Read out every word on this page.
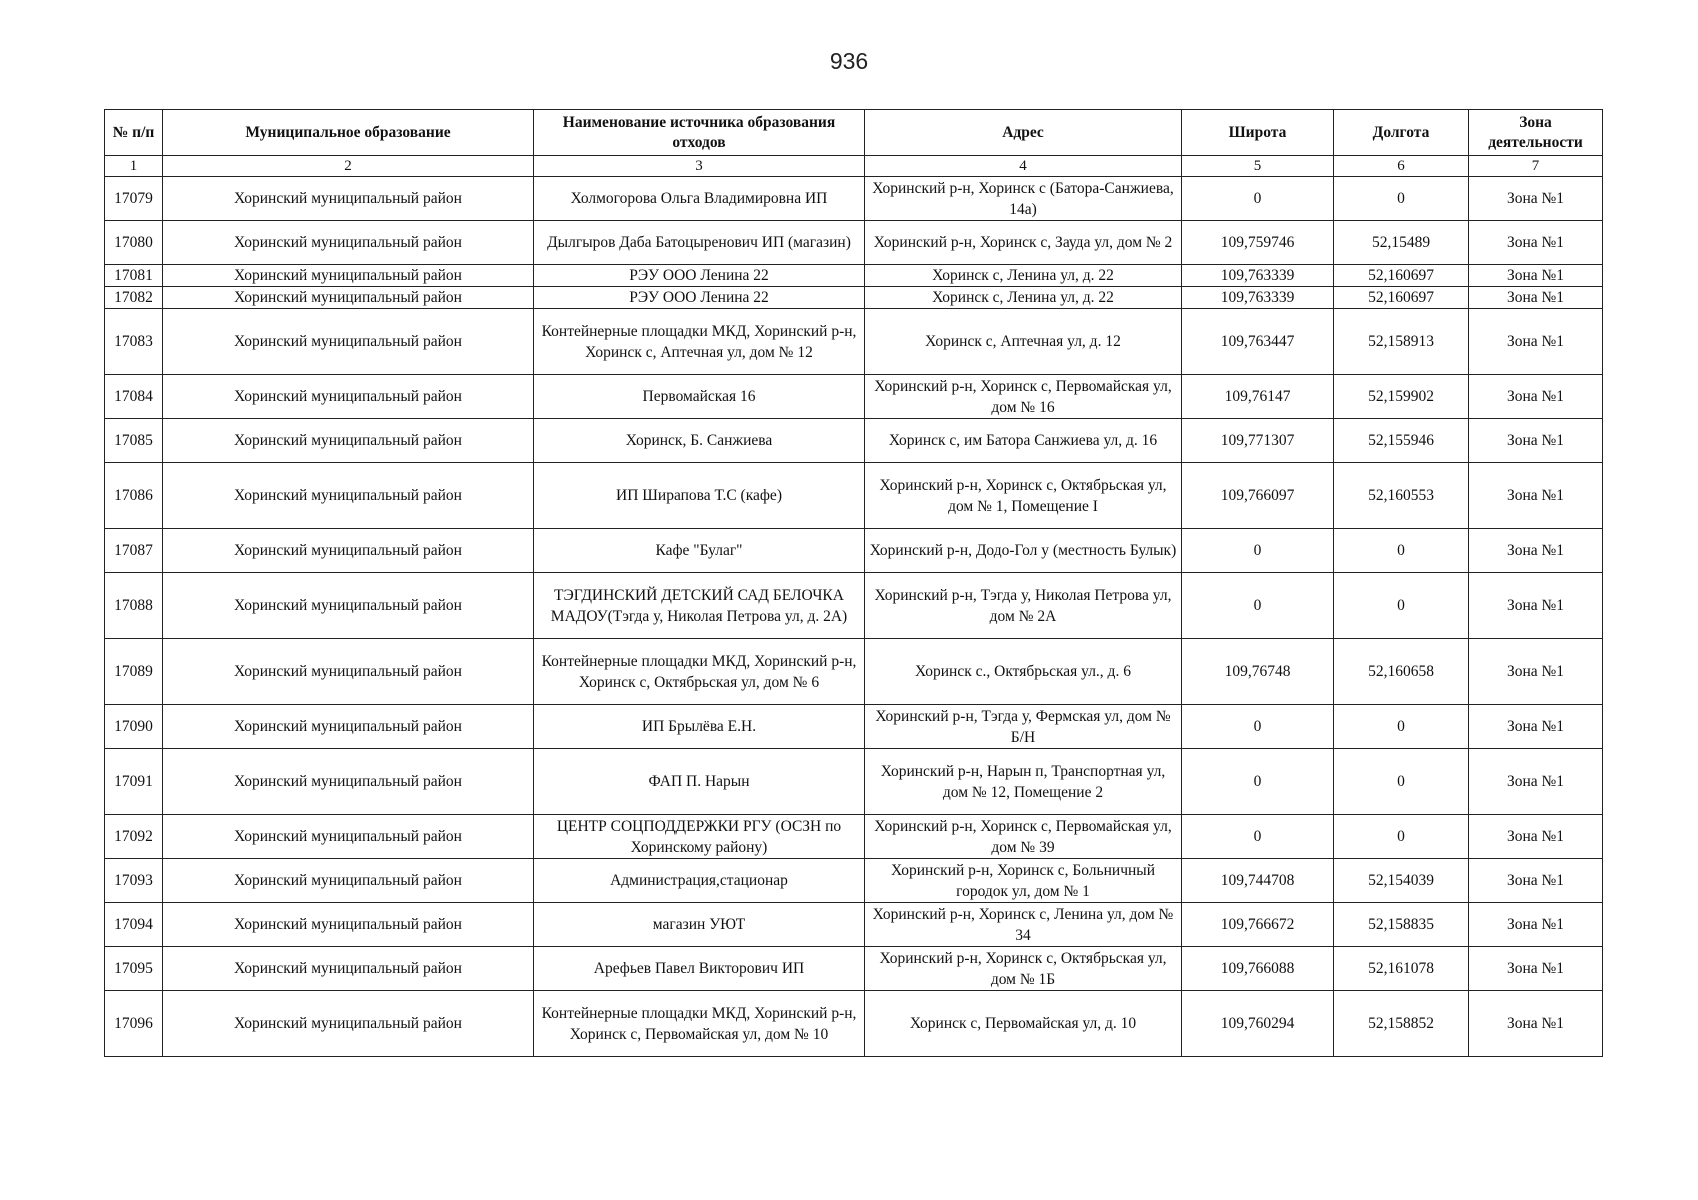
936
№ п/п	Муниципальное образование	Наименование источника образования отходов	Адрес	Широта	Долгота	Зона деятельности
1	2	3	4	5	6	7
17079	Хоринский муниципальный район	Холмогорова Ольга Владимировна ИП	Хоринский р-н, Хоринск с (Батора-Санжиева, 14а)	0	0	Зона №1
17080	Хоринский муниципальный район	Дылгыров Даба Батоцыренович ИП (магазин)	Хоринский р-н, Хоринск с, Зауда ул, дом № 2	109,759746	52,15489	Зона №1
17081	Хоринский муниципальный район	РЭУ ООО Ленина 22	Хоринск с, Ленина ул, д. 22	109,763339	52,160697	Зона №1
17082	Хоринский муниципальный район	РЭУ ООО Ленина 22	Хоринск с, Ленина ул, д. 22	109,763339	52,160697	Зона №1
17083	Хоринский муниципальный район	Контейнерные площадки МКД, Хоринский р-н, Хоринск с, Аптечная ул, дом № 12	Хоринск с, Аптечная ул, д. 12	109,763447	52,158913	Зона №1
17084	Хоринский муниципальный район	Первомайская 16	Хоринский р-н, Хоринск с, Первомайская ул, дом № 16	109,76147	52,159902	Зона №1
17085	Хоринский муниципальный район	Хоринск, Б. Санжиева	Хоринск с, им Батора Санжиева ул, д. 16	109,771307	52,155946	Зона №1
17086	Хоринский муниципальный район	ИП Ширапова Т.С (кафе)	Хоринский р-н, Хоринск с, Октябрьская ул, дом № 1, Помещение I	109,766097	52,160553	Зона №1
17087	Хоринский муниципальный район	Кафе "Булаг"	Хоринский р-н, Додо-Гол у (местность Булык)	0	0	Зона №1
17088	Хоринский муниципальный район	ТЭГДИНСКИЙ ДЕТСКИЙ САД БЕЛОЧКА МАДОУ(Тэгда у, Николая Петрова ул, д. 2А)	Хоринский р-н, Тэгда у, Николая Петрова ул, дом № 2А	0	0	Зона №1
17089	Хоринский муниципальный район	Контейнерные площадки МКД, Хоринский р-н, Хоринск с, Октябрьская ул, дом № 6	Хоринск с., Октябрьская ул., д. 6	109,76748	52,160658	Зона №1
17090	Хоринский муниципальный район	ИП Брылёва Е.Н.	Хоринский р-н, Тэгда у, Фермская ул, дом № Б/Н	0	0	Зона №1
17091	Хоринский муниципальный район	ФАП П. Нарын	Хоринский р-н, Нарын п, Транспортная ул, дом № 12, Помещение 2	0	0	Зона №1
17092	Хоринский муниципальный район	ЦЕНТР СОЦПОДДЕРЖКИ РГУ (ОСЗН по Хоринскому району)	Хоринский р-н, Хоринск с, Первомайская ул, дом № 39	0	0	Зона №1
17093	Хоринский муниципальный район	Администрация,стационар	Хоринский р-н, Хоринск с, Больничный городок ул, дом № 1	109,744708	52,154039	Зона №1
17094	Хоринский муниципальный район	магазин УЮТ	Хоринский р-н, Хоринск с, Ленина ул, дом № 34	109,766672	52,158835	Зона №1
17095	Хоринский муниципальный район	Арефьев Павел Викторович ИП	Хоринский р-н, Хоринск с, Октябрьская ул, дом № 1Б	109,766088	52,161078	Зона №1
17096	Хоринский муниципальный район	Контейнерные площадки МКД, Хоринский р-н, Хоринск с, Первомайская ул, дом № 10	Хоринск с, Первомайская ул, д. 10	109,760294	52,158852	Зона №1
